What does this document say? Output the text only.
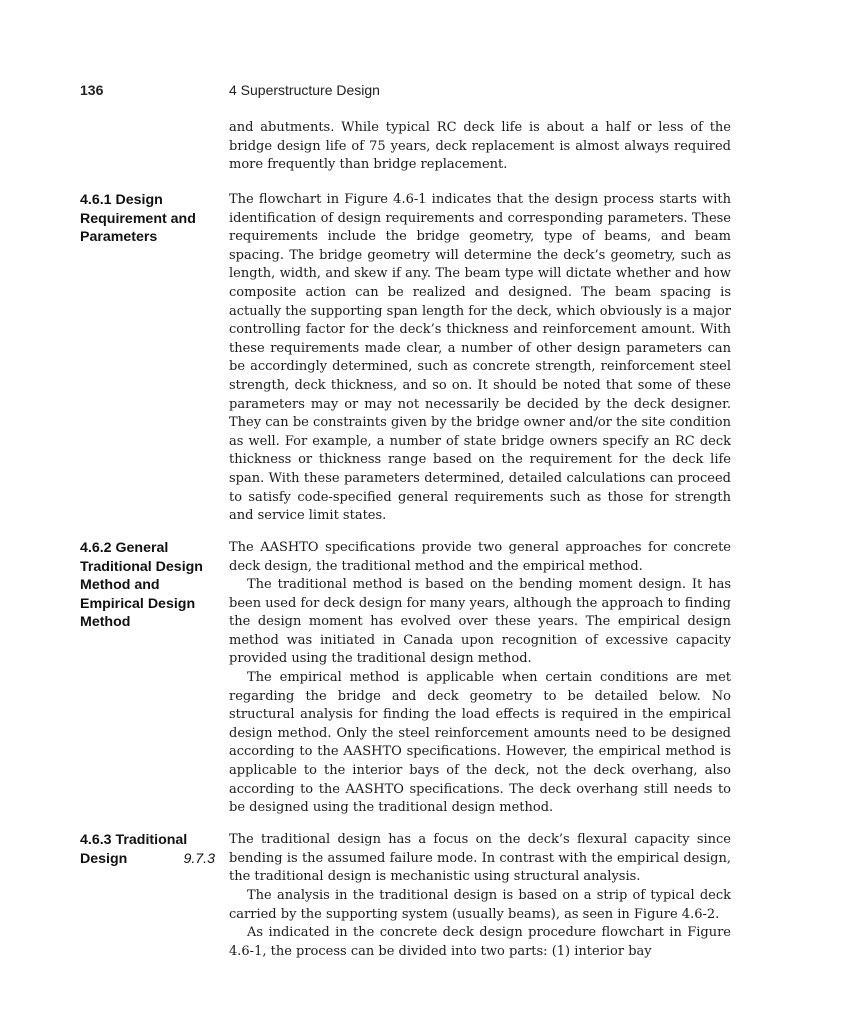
136	4 Superstructure Design

and abutments. While typical RC deck life is about a half or less of the bridge design life of 75 years, deck replacement is almost always required more frequently than bridge replacement.

4.6.1 Design Requirement and Parameters

The flowchart in Figure 4.6-1 indicates that the design process starts with identification of design requirements and corresponding parameters. These requirements include the bridge geometry, type of beams, and beam spacing. The bridge geometry will determine the deck’s geometry, such as length, width, and skew if any. The beam type will dictate whether and how composite action can be realized and designed. The beam spacing is actually the supporting span length for the deck, which obviously is a major controlling factor for the deck’s thickness and reinforcement amount. With these requirements made clear, a number of other design parameters can be accordingly determined, such as concrete strength, reinforcement steel strength, deck thickness, and so on. It should be noted that some of these parameters may or may not necessarily be decided by the deck designer. They can be constraints given by the bridge owner and/or the site condition as well. For example, a number of state bridge owners specify an RC deck thickness or thickness range based on the requirement for the deck life span. With these parameters determined, detailed calculations can proceed to satisfy code-specified general requirements such as those for strength and service limit states.

4.6.2 General Traditional Design Method and Empirical Design Method

The AASHTO specifications provide two general approaches for concrete deck design, the traditional method and the empirical method.

The traditional method is based on the bending moment design. It has been used for deck design for many years, although the approach to finding the design moment has evolved over these years. The empirical design method was initiated in Canada upon recognition of excessive capacity provided using the traditional design method.

The empirical method is applicable when certain conditions are met regarding the bridge and deck geometry to be detailed below. No structural analysis for finding the load effects is required in the empirical design method. Only the steel reinforcement amounts need to be designed according to the AASHTO specifications. However, the empirical method is applicable to the interior bays of the deck, not the deck overhang, also according to the AASHTO specifications. The deck overhang still needs to be designed using the traditional design method.

4.6.3 Traditional Design	9.7.3

The traditional design has a focus on the deck’s flexural capacity since bending is the assumed failure mode. In contrast with the empirical design, the traditional design is mechanistic using structural analysis.

The analysis in the traditional design is based on a strip of typical deck carried by the supporting system (usually beams), as seen in Figure 4.6-2.

As indicated in the concrete deck design procedure flowchart in Figure 4.6-1, the process can be divided into two parts: (1) interior bay
